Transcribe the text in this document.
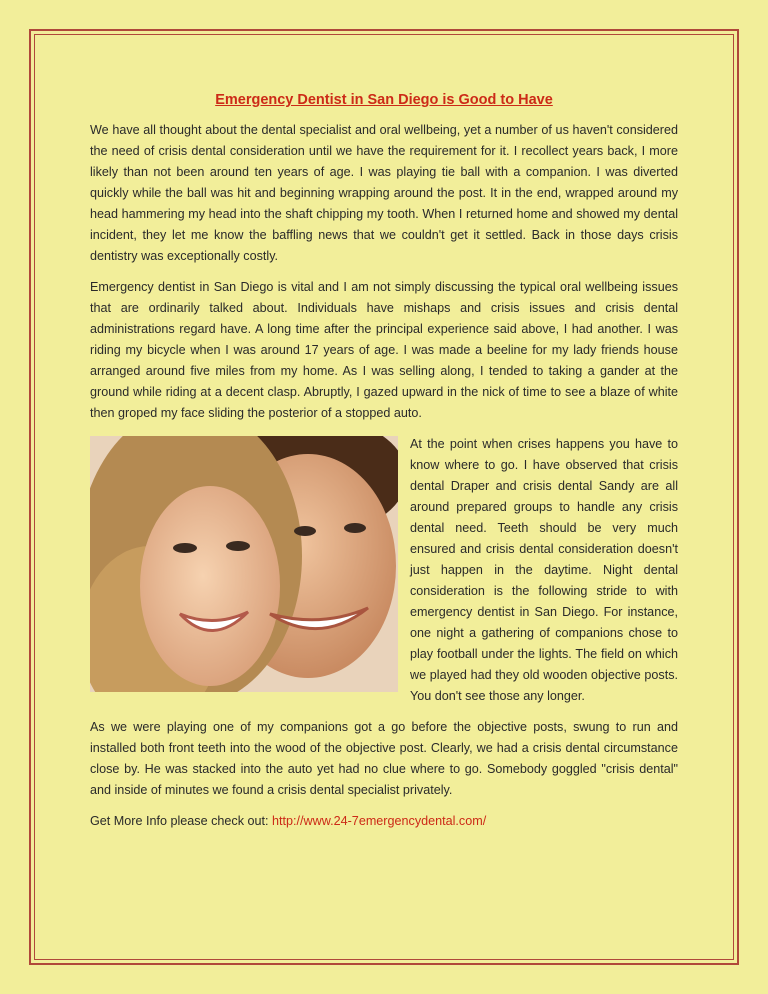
Emergency Dentist in San Diego is Good to Have

We have all thought about the dental specialist and oral wellbeing, yet a number of us haven't considered the need of crisis dental consideration until we have the requirement for it. I recollect years back, I more likely than not been around ten years of age. I was playing tie ball with a companion. I was diverted quickly while the ball was hit and beginning wrapping around the post. It in the end, wrapped around my head hammering my head into the shaft chipping my tooth. When I returned home and showed my dental incident, they let me know the baffling news that we couldn't get it settled. Back in those days crisis dentistry was exceptionally costly.

Emergency dentist in San Diego is vital and I am not simply discussing the typical oral wellbeing issues that are ordinarily talked about. Individuals have mishaps and crisis issues and crisis dental administrations regard have. A long time after the principal experience said above, I had another. I was riding my bicycle when I was around 17 years of age. I was made a beeline for my lady friends house arranged around five miles from my home. As I was selling along, I tended to taking a gander at the ground while riding at a decent clasp. Abruptly, I gazed upward in the nick of time to see a blaze of white then groped my face sliding the posterior of a stopped auto.

At the point when crises happens you have to know where to go. I have observed that crisis dental Draper and crisis dental Sandy are all around prepared groups to handle any crisis dental need. Teeth should be very much ensured and crisis dental consideration doesn't just happen in the daytime. Night dental consideration is the following stride to with emergency dentist in San Diego. For instance, one night a gathering of companions chose to play football under the lights. The field on which we played had they old wooden objective posts. You don't see those any longer.

As we were playing one of my companions got a go before the objective posts, swung to run and installed both front teeth into the wood of the objective post. Clearly, we had a crisis dental circumstance close by. He was stacked into the auto yet had no clue where to go. Somebody goggled "crisis dental" and inside of minutes we found a crisis dental specialist privately.

Get More Info please check out: http://www.24-7emergencydental.com/
